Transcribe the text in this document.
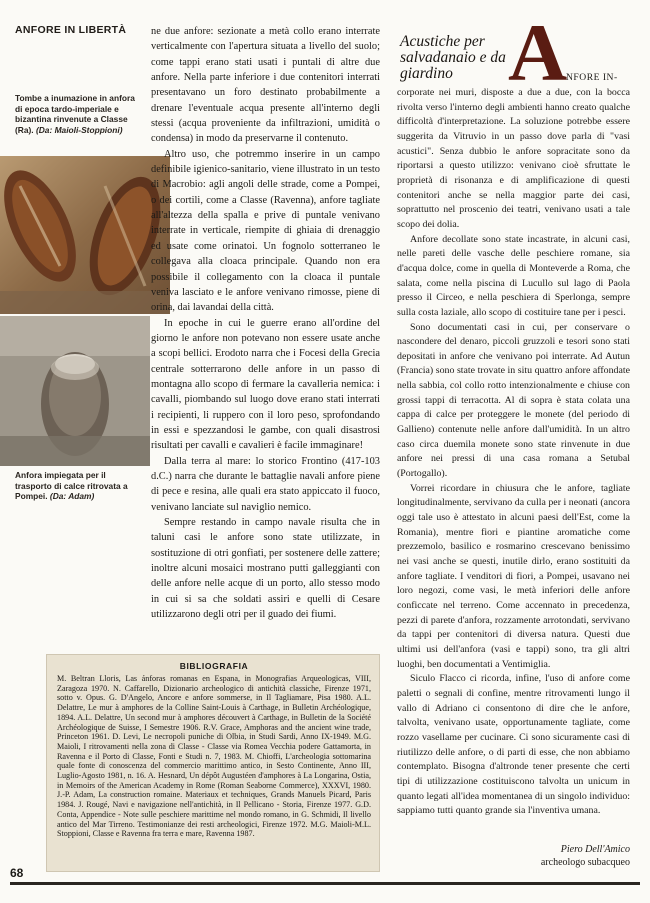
ANFORE IN LIBERTÀ
Tombe a inumazione in anfora di epoca tardo-imperiale e bizantina rinvenute a Classe (Ra). (Da: Maioli-Stoppioni)
Anfora impiegata per il trasporto di calce ritrovata a Pompei. (Da: Adam)

ne due anfore: sezionate a metà collo erano interrate verticalmente con l'apertura situata a livello del suolo; come tappi erano stati usati i puntali di altre due anfore. Nella parte inferiore i due contenitori interrati presentavano un foro destinato probabilmente a drenare l'eventuale acqua presente all'interno degli stessi (acqua proveniente da infiltrazioni, umidità o condensa) in modo da preservarne il contenuto.

Altro uso, che potremmo inserire in un campo definibile igienico-sanitario, viene illustrato in un testo di Macrobio: agli angoli delle strade, come a Pompei, o dei cortili, come a Classe (Ravenna), anfore tagliate all'altezza della spalla e prive di puntale venivano interrate in verticale, riempite di ghiaia di drenaggio ed usate come orinatoi. Un fognolo sotterraneo le collegava alla cloaca principale. Quando non era possibile il collegamento con la cloaca il puntale veniva lasciato e le anfore venivano rimosse, piene di orina, dai lavandai della città.

In epoche in cui le guerre erano all'ordine del giorno le anfore non potevano non essere usate anche a scopi bellici. Erodoto narra che i Focesi della Grecia centrale sotterrarono delle anfore in un passo di montagna allo scopo di fermare la cavalleria nemica: i cavalli, piombando sul luogo dove erano stati interrati i recipienti, li ruppero con il loro peso, sprofondando in essi e spezzandosi le gambe, con quali disastrosi risultati per cavalli e cavalieri è facile immaginare!

Dalla terra al mare: lo storico Frontino (417-103 d.C.) narra che durante le battaglie navali anfore piene di pece e resina, alle quali era stato appiccato il fuoco, venivano lanciate sul naviglio nemico.

Sempre restando in campo navale risulta che in taluni casi le anfore sono state utilizzate, in sostituzione di otri gonfiati, per sostenere delle zattere; inoltre alcuni mosaici mostrano putti galleggianti con delle anfore nelle acque di un porto, allo stesso modo in cui si sa che soldati assiri e quelli di Cesare utilizzarono degli otri per il guado dei fiumi.

Acustiche per salvadanaio e da giardino A
NFORE IN-

corporate nei muri, disposte a due a due, con la bocca rivolta verso l'interno degli ambienti hanno creato qualche difficoltà d'interpretazione. La soluzione potrebbe essere suggerita da Vitruvio in un passo dove parla di "vasi acustici". Senza dubbio le anfore sopracitate sono da riportarsi a questo utilizzo: venivano cioè sfruttate le proprietà di risonanza e di amplificazione di questi contenitori anche se nella maggior parte dei casi, soprattutto nel proscenio dei teatri, venivano usati a tale scopo dei dolia.

Anfore decollate sono state incastrate, in alcuni casi, nelle pareti delle vasche delle peschiere romane, sia d'acqua dolce, come in quella di Monteverde a Roma, che salata, come nella piscina di Lucullo sul lago di Paola presso il Circeo, e nella peschiera di Sperlonga, sempre sulla costa laziale, allo scopo di costituire tane per i pesci.

Sono documentati casi in cui, per conservare o nascondere del denaro, piccoli gruzzoli e tesori sono stati depositati in anfore che venivano poi interrate. Ad Autun (Francia) sono state trovate in situ quattro anfore affondate nella sabbia, col collo rotto intenzionalmente e chiuse con grossi tappi di terracotta. Al di sopra è stata colata una cappa di calce per proteggere le monete (del periodo di Gallieno) contenute nelle anfore dall'umidità. In un altro caso circa duemila monete sono state rinvenute in due anfore nei pressi di una casa romana a Setubal (Portogallo).

Vorrei ricordare in chiusura che le anfore, tagliate longitudinalmente, servivano da culla per i neonati (ancora oggi tale uso è attestato in alcuni paesi dell'Est, come la Romania), mentre fiori e piantine aromatiche come prezzemolo, basilico e rosmarino crescevano benissimo nei vasi anche se questi, inutile dirlo, erano sostituiti da anfore tagliate. I venditori di fiori, a Pompei, usavano nei loro negozi, come vasi, le metà inferiori delle anfore conficcate nel terreno. Come accennato in precedenza, pezzi di parete d'anfora, rozzamente arrotondati, servivano da tappi per contenitori di diversa natura. Questi due ultimi usi dell'anfora (vasi e tappi) sono, tra gli altri luoghi, ben documentati a Ventimiglia.

Siculo Flacco ci ricorda, infine, l'uso di anfore come paletti o segnali di confine, mentre ritrovamenti lungo il vallo di Adriano ci consentono di dire che le anfore, talvolta, venivano usate, opportunamente tagliate, come rozzo vasellame per cucinare. Ci sono sicuramente casi di riutilizzo delle anfore, o di parti di esse, che non abbiamo contemplato. Bisogna d'altronde tener presente che certi tipi di utilizzazione costituiscono talvolta un unicum in quanto legati all'idea momentanea di un singolo individuo: sappiamo tutti quanto grande sia l'inventiva umana.

Piero Dell'Amico
archeologo subacqueo
BIBLIOGRAFIA

M. Beltran Lloris, Las ánforas romanas en Espana, in Monografias Arqueologicas, VIII, Zaragoza 1970. N. Caffarello, Dizionario archeologico di antichità classiche, Firenze 1971, sotto v. Opus. G. D'Angelo, Ancore e anfore sommerse, in Il Tagliamare, Pisa 1980. A.L. Delattre, Le mur à amphores de la Colline Saint-Louis à Carthage, in Bulletin Archéologique, 1894. A.L. Delattre, Un second mur à amphores découvert à Carthage, in Bulletin de la Société Archéologique de Suisse, I Semestre 1906. R.V. Grace, Amphoras and the ancient wine trade, Princeton 1961. D. Levi, Le necropoli puniche di Olbia, in Studi Sardi, Anno IX-1949. M.G. Maioli, I ritrovamenti nella zona di Classe - Classe via Romea Vecchia podere Gattamorta, in Ravenna e il Porto di Classe, Fonti e Studi n. 7, 1983. M. Chioffi, L'archeologia sottomarina quale fonte di conoscenza del commercio marittimo antico, in Sesto Continente, Anno III, Luglio-Agosto 1981, n. 16. A. Hesnard, Un dépôt Augustéen d'amphores à La Longarina, Ostia, in Memoirs of the American Academy in Rome (Roman Seaborne Commerce), XXXVI, 1980. J.-P. Adam, La construction romaine. Materiaux et techniques, Grands Manuels Picard, Paris 1984. J. Rougé, Navi e navigazione nell'antichità, in Il Pellicano - Storia, Firenze 1977. G.D. Conta, Appendice - Note sulle peschiere marittime nel mondo romano, in G. Schmidi, Il livello antico del Mar Tirreno. Testimonianze dei resti archeologici, Firenze 1972. M.G. Maioli-M.L. Stoppioni, Classe e Ravenna fra terra e mare, Ravenna 1987.

68
